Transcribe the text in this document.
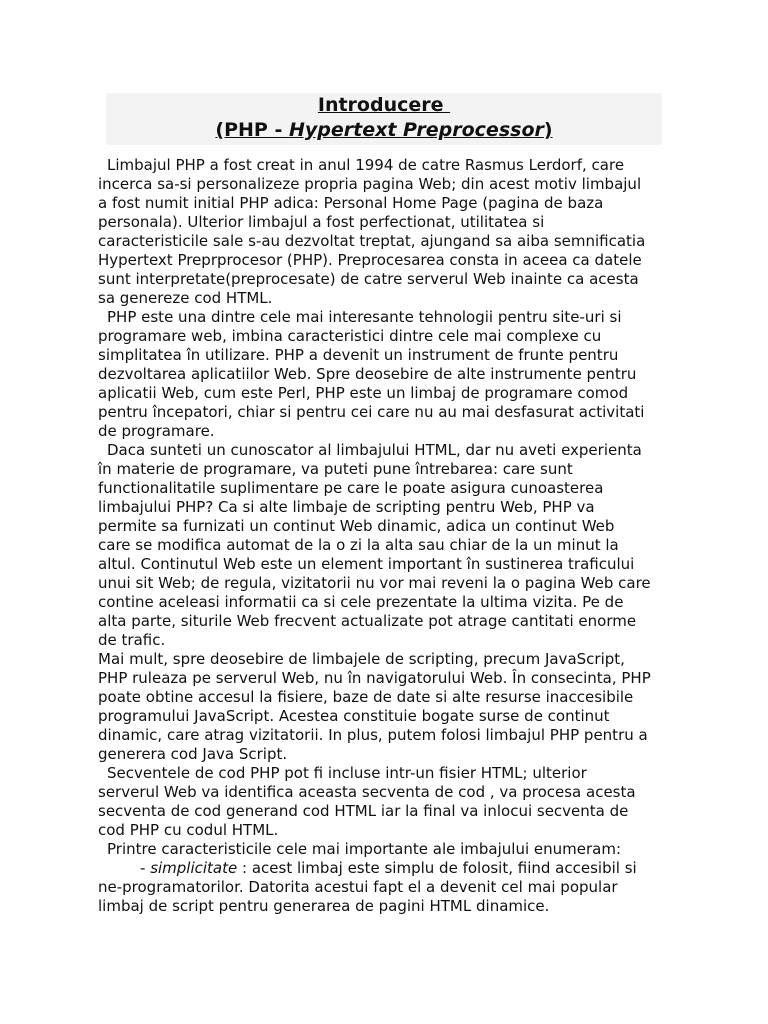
Introducere
(PHP - Hypertext Preprocessor)
Limbajul PHP a fost creat in anul 1994 de catre Rasmus Lerdorf, care
incerca sa-si personalizeze propria pagina Web; din acest motiv limbajul
a fost numit initial PHP adica: Personal Home Page (pagina de baza
personala). Ulterior limbajul a fost perfectionat, utilitatea si
caracteristicile sale s-au dezvoltat treptat, ajungand sa aiba semnificatia
Hypertext Preprprocesor (PHP). Preprocesarea consta in aceea ca datele
sunt interpretate(preprocesate) de catre serverul Web inainte ca acesta
sa genereze cod HTML.
PHP este una dintre cele mai interesante tehnologii pentru site-uri si
programare web, imbina caracteristici dintre cele mai complexe cu
simplitatea în utilizare. PHP a devenit un instrument de frunte pentru
dezvoltarea aplicatiilor Web. Spre deosebire de alte instrumente pentru
aplicatii Web, cum este Perl, PHP este un limbaj de programare comod
pentru începatori, chiar si pentru cei care nu au mai desfasurat activitati
de programare.
Daca sunteti un cunoscator al limbajului HTML, dar nu aveti experienta
în materie de programare, va puteti pune întrebarea: care sunt
functionalitatile suplimentare pe care le poate asigura cunoasterea
limbajului PHP? Ca si alte limbaje de scripting pentru Web, PHP va
permite sa furnizati un continut Web dinamic, adica un continut Web
care se modifica automat de la o zi la alta sau chiar de la un minut la
altul. Continutul Web este un element important în sustinerea traficului
unui sit Web; de regula, vizitatorii nu vor mai reveni la o pagina Web care
contine aceleasi informatii ca si cele prezentate la ultima vizita. Pe de
alta parte, siturile Web frecvent actualizate pot atrage cantitati enorme
de trafic.
Mai mult, spre deosebire de limbajele de scripting, precum JavaScript,
PHP ruleaza pe serverul Web, nu în navigatorului Web. În consecinta, PHP
poate obtine accesul la fisiere, baze de date si alte resurse inaccesibile
programului JavaScript. Acestea constituie bogate surse de continut
dinamic, care atrag vizitatorii. In plus, putem folosi limbajul PHP pentru a
generera cod Java Script.
Secventele de cod PHP pot fi incluse intr-un fisier HTML; ulterior
serverul Web va identifica aceasta secventa de cod , va procesa acesta
secventa de cod generand cod HTML iar la final va inlocui secventa de
cod PHP cu codul HTML.
Printre caracteristicile cele mai importante ale imbajului enumeram:
- simplicitate : acest limbaj este simplu de folosit, fiind accesibil si
ne-programatorilor. Datorita acestui fapt el a devenit cel mai popular
limbaj de script pentru generarea de pagini HTML dinamice.
